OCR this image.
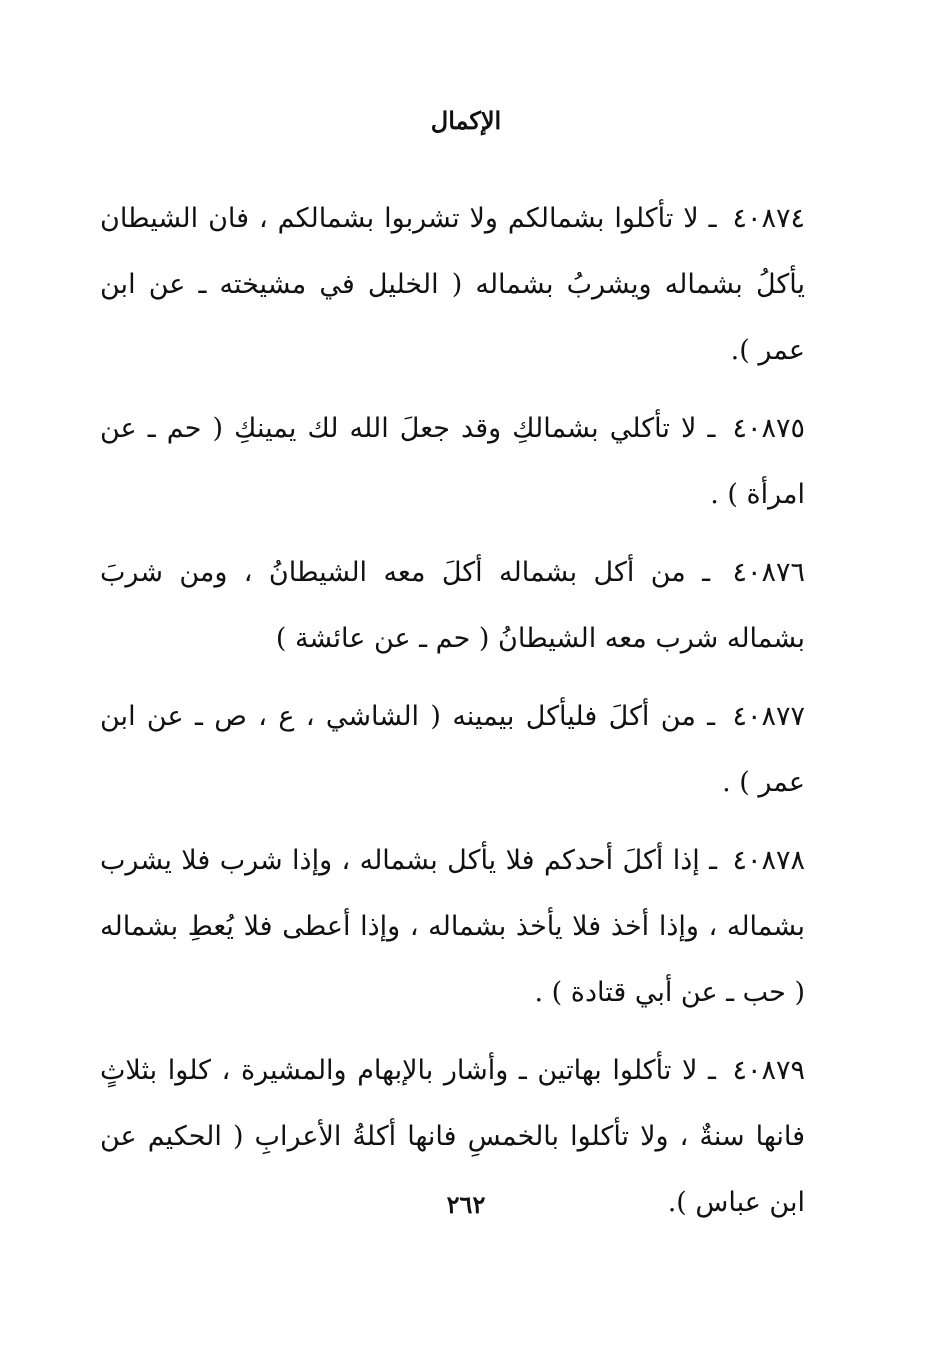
الإكمال

٤٠٨٧٤ ـ لا تأكلوا بشمالكم ولا تشربوا بشمالكم ، فان الشيطان يأكلُ بشماله ويشربُ بشماله ( الخليل في مشيخته ـ عن ابن عمر ).

٤٠٨٧٥ ـ لا تأكلي بشمالكِ وقد جعلَ الله لك يمينكِ ( حم ـ عن امرأة ) .

٤٠٨٧٦ ـ من أكل بشماله أكلَ معه الشيطانُ ، ومن شربَ بشماله شرب معه الشيطانُ ( حم ـ عن عائشة )

٤٠٨٧٧ ـ من أكلَ فليأكل بيمينه ( الشاشي ، ع ، ص ـ عن ابن عمر ) .

٤٠٨٧٨ ـ إذا أكلَ أحدكم فلا يأكل بشماله ، وإذا شرب فلا يشرب بشماله ، وإذا أخذ فلا يأخذ بشماله ، وإذا أعطى فلا يُعطِ بشماله ( حب ـ عن أبي قتادة ) .

٤٠٨٧٩ ـ لا تأكلوا بهاتين ـ وأشار بالإبهام والمشيرة ، كلوا بثلاثٍ فانها سنةٌ ، ولا تأكلوا بالخمسِ فانها أكلةُ الأعرابِ ( الحكيم عن ابن عباس ).

٢٦٢
